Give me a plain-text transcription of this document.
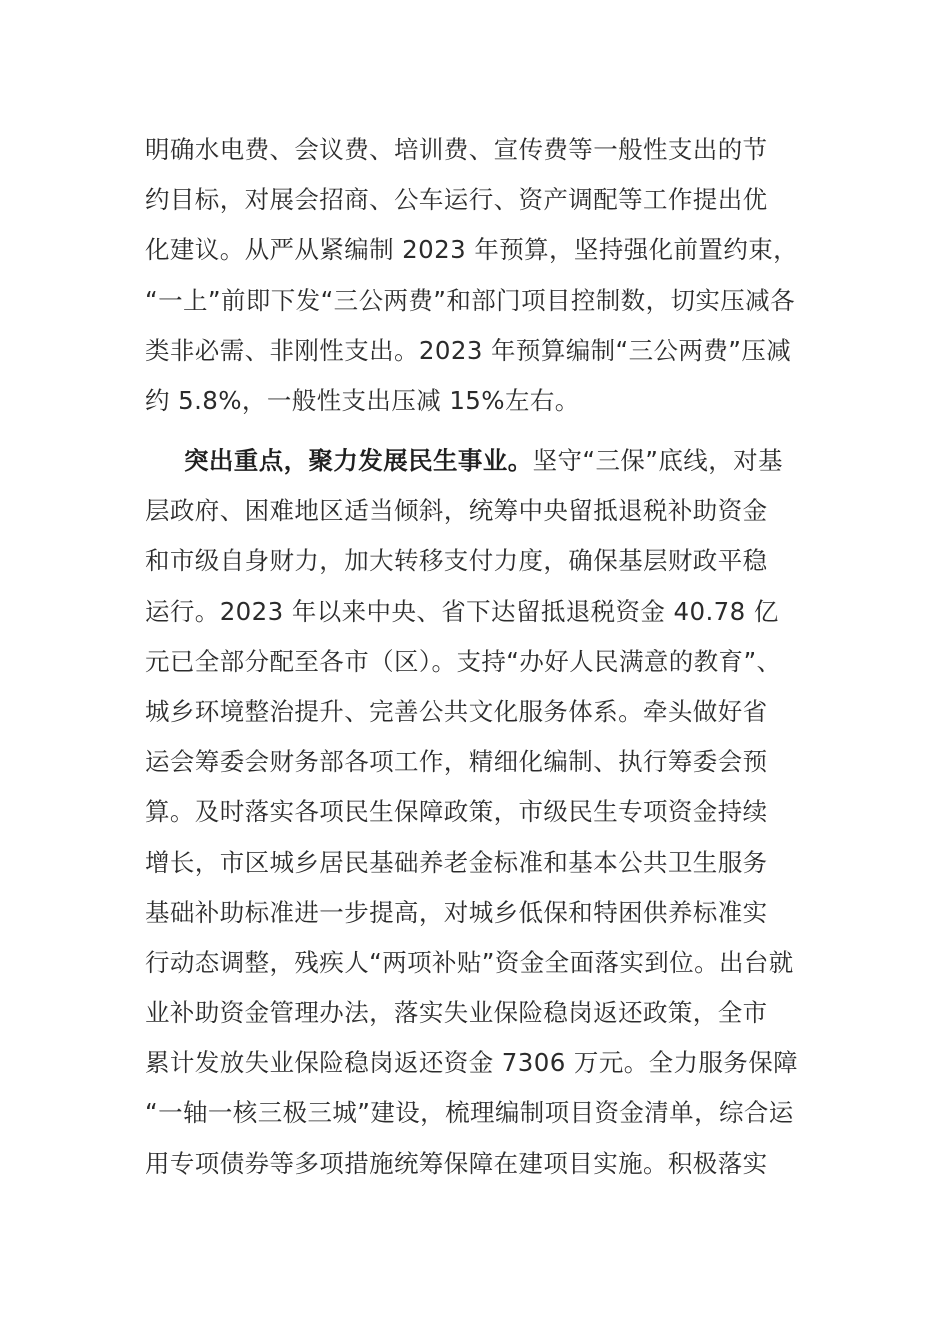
明确水电费、会议费、培训费、宣传费等一般性支出的节
约目标，对展会招商、公车运行、资产调配等工作提出优
化建议。从严从紧编制 2023 年预算，坚持强化前置约束，
“一上”前即下发“三公两费”和部门项目控制数，切实压减各
类非必需、非刚性支出。2023 年预算编制“三公两费”压减
约 5.8%，一般性支出压减 15%左右。
突出重点，聚力发展民生事业。坚守“三保”底线，对基
层政府、困难地区适当倾斜，统筹中央留抵退税补助资金
和市级自身财力，加大转移支付力度，确保基层财政平稳
运行。2023 年以来中央、省下达留抵退税资金 40.78 亿
元已全部分配至各市（区）。支持“办好人民满意的教育”、
城乡环境整治提升、完善公共文化服务体系。牵头做好省
运会筹委会财务部各项工作，精细化编制、执行筹委会预
算。及时落实各项民生保障政策，市级民生专项资金持续
增长，市区城乡居民基础养老金标准和基本公共卫生服务
基础补助标准进一步提高，对城乡低保和特困供养标准实
行动态调整，残疾人“两项补贴”资金全面落实到位。出台就
业补助资金管理办法，落实失业保险稳岗返还政策，全市
累计发放失业保险稳岗返还资金 7306 万元。全力服务保障
“一轴一核三极三城”建设，梳理编制项目资金清单，综合运
用专项债券等多项措施统筹保障在建项目实施。积极落实
